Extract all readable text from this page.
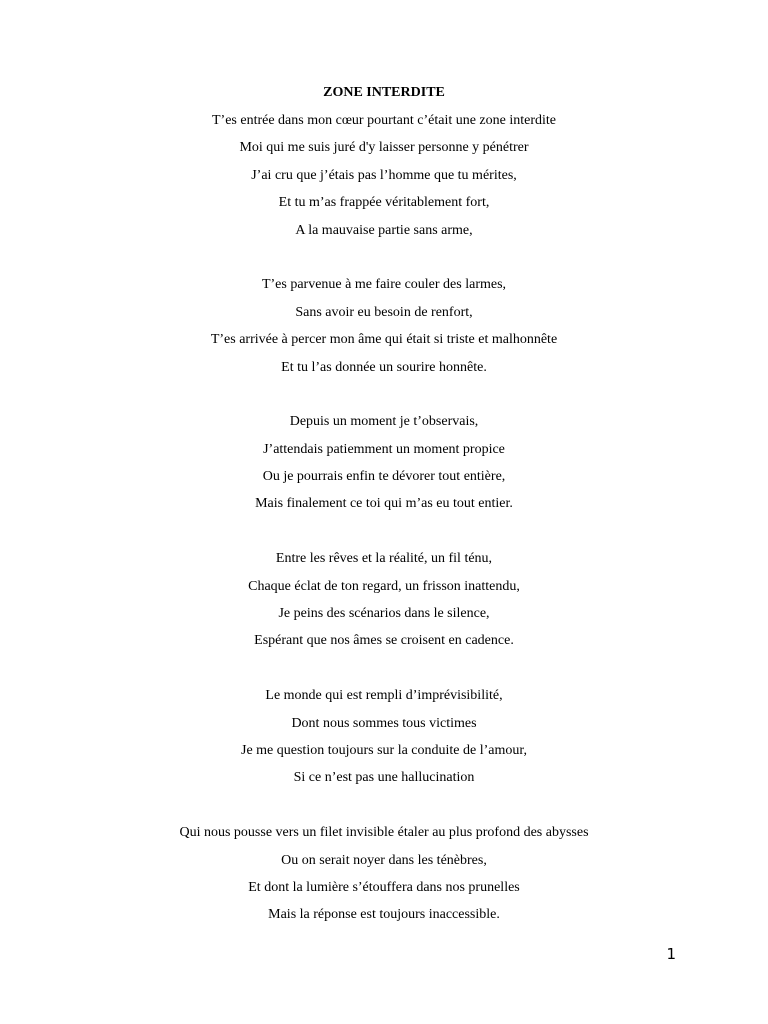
ZONE INTERDITE
T’es entrée dans mon cœur pourtant c’était une zone interdite
Moi qui me suis juré d'y laisser personne y pénétrer
J’ai cru que j’étais pas l’homme que tu mérites,
Et tu m’as frappée véritablement fort,
A la mauvaise partie sans arme,
T’es parvenue à me faire couler des larmes,
Sans avoir eu besoin de renfort,
T’es arrivée à percer mon âme qui était si triste et malhonnête
Et tu l’as donnée un sourire honnête.
Depuis un moment je t’observais,
J’attendais patiemment un moment propice
Ou je pourrais enfin te dévorer tout entière,
Mais finalement ce toi qui m’as eu tout entier.
Entre les rêves et la réalité, un fil ténu,
Chaque éclat de ton regard, un frisson inattendu,
Je peins des scénarios dans le silence,
Espérant que nos âmes se croisent en cadence.
Le monde qui est rempli d’imprévisibilité,
Dont nous sommes tous victimes
Je me question toujours sur la conduite de l’amour,
Si ce n’est pas une hallucination
Qui nous pousse vers un filet invisible étaler au plus profond des abysses
Ou on serait noyer dans les ténèbres,
Et dont la lumière s’étouffera dans nos prunelles
Mais la réponse est toujours inaccessible.
1
